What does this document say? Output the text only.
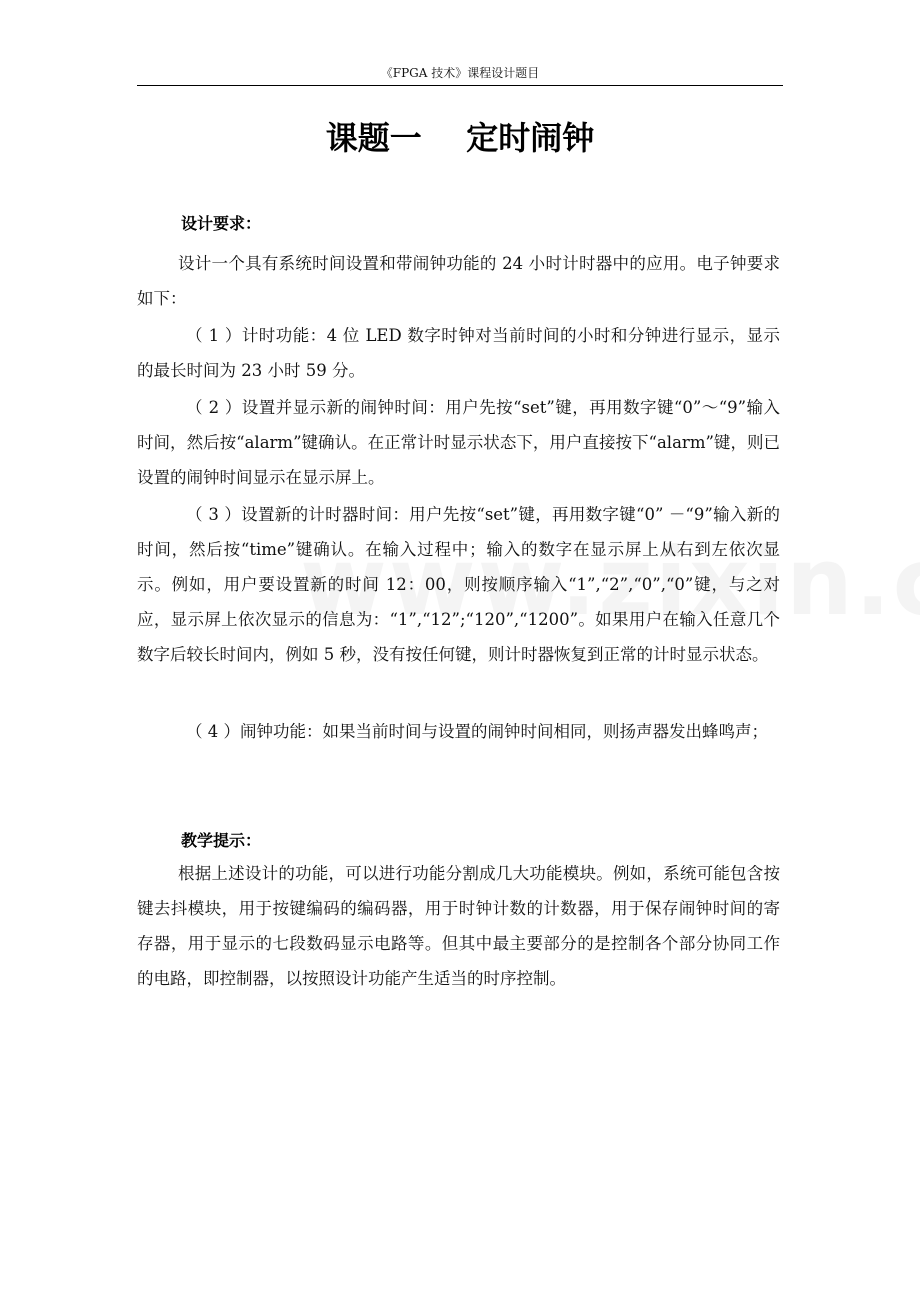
《FPGA 技术》课程设计题目
课题一    定时闹钟
设计要求：

设计一个具有系统时间设置和带闹钟功能的 24 小时计时器中的应用。电子钟要求如下：

（ 1 ）计时功能：4 位 LED 数字时钟对当前时间的小时和分钟进行显示，显示的最长时间为 23 小时 59 分。

（ 2 ）设置并显示新的闹钟时间：用户先按“set”键，再用数字键“0”～“9”输入时间，然后按“alarm”键确认。在正常计时显示状态下，用户直接按下“alarm”键，则已设置的闹钟时间显示在显示屏上。

（ 3 ）设置新的计时器时间：用户先按“set”键，再用数字键“0” －“9”输入新的时间，然后按“time”键确认。在输入过程中；输入的数字在显示屏上从右到左依次显示。例如，用户要设置新的时间 12：00，则按顺序输入“1”,“2”,“0”,“0”键，与之对应，显示屏上依次显示的信息为：“1”,“12”;“120”,“1200”。如果用户在输入任意几个数字后较长时间内，例如 5 秒，没有按任何键，则计时器恢复到正常的计时显示状态。

（ 4 ）闹钟功能：如果当前时间与设置的闹钟时间相同，则扬声器发出蜂鸣声；

教学提示：

根据上述设计的功能，可以进行功能分割成几大功能模块。例如，系统可能包含按键去抖模块，用于按键编码的编码器，用于时钟计数的计数器，用于保存闹钟时间的寄存器，用于显示的七段数码显示电路等。但其中最主要部分的是控制各个部分协同工作的电路，即控制器，以按照设计功能产生适当的时序控制。
